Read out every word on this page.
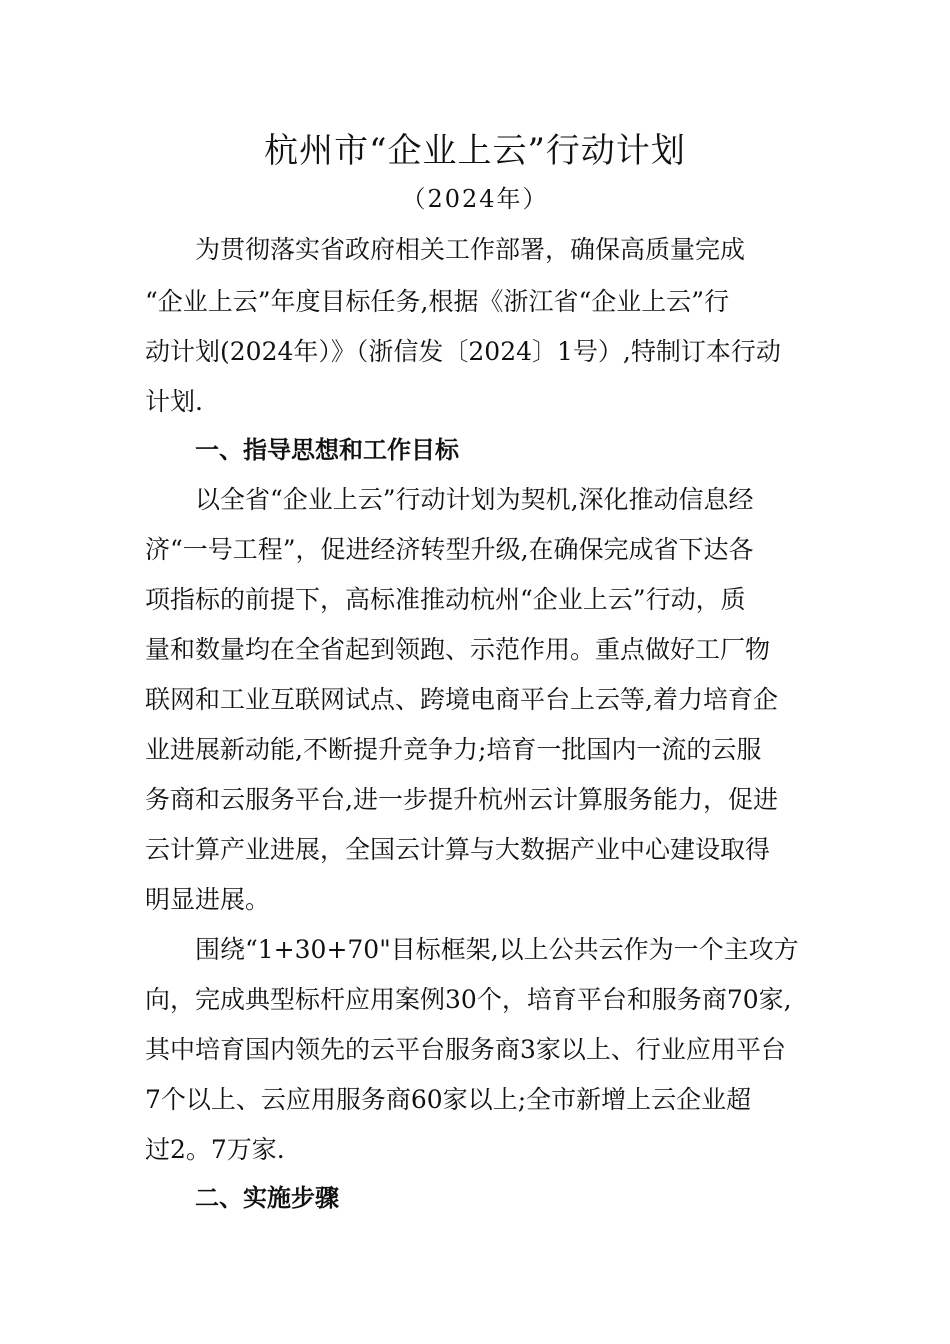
杭州市“企业上云”行动计划
（2024年）
为贯彻落实省政府相关工作部署，确保高质量完成
“企业上云”年度目标任务,根据《浙江省“企业上云”行
动计划(2024年）》（浙信发〔2024〕1号）,特制订本行动
计划.
一、指导思想和工作目标
以全省“企业上云”行动计划为契机,深化推动信息经
济“一号工程”，促进经济转型升级,在确保完成省下达各
项指标的前提下，高标准推动杭州“企业上云”行动，质
量和数量均在全省起到领跑、示范作用。重点做好工厂物
联网和工业互联网试点、跨境电商平台上云等,着力培育企
业进展新动能,不断提升竞争力;培育一批国内一流的云服
务商和云服务平台,进一步提升杭州云计算服务能力，促进
云计算产业进展，全国云计算与大数据产业中心建设取得
明显进展。
围绕“1+30+70"目标框架,以上公共云作为一个主攻方
向，完成典型标杆应用案例30个，培育平台和服务商70家,
其中培育国内领先的云平台服务商3家以上、行业应用平台
7个以上、云应用服务商60家以上;全市新增上云企业超
过2。7万家.
二、实施步骤
